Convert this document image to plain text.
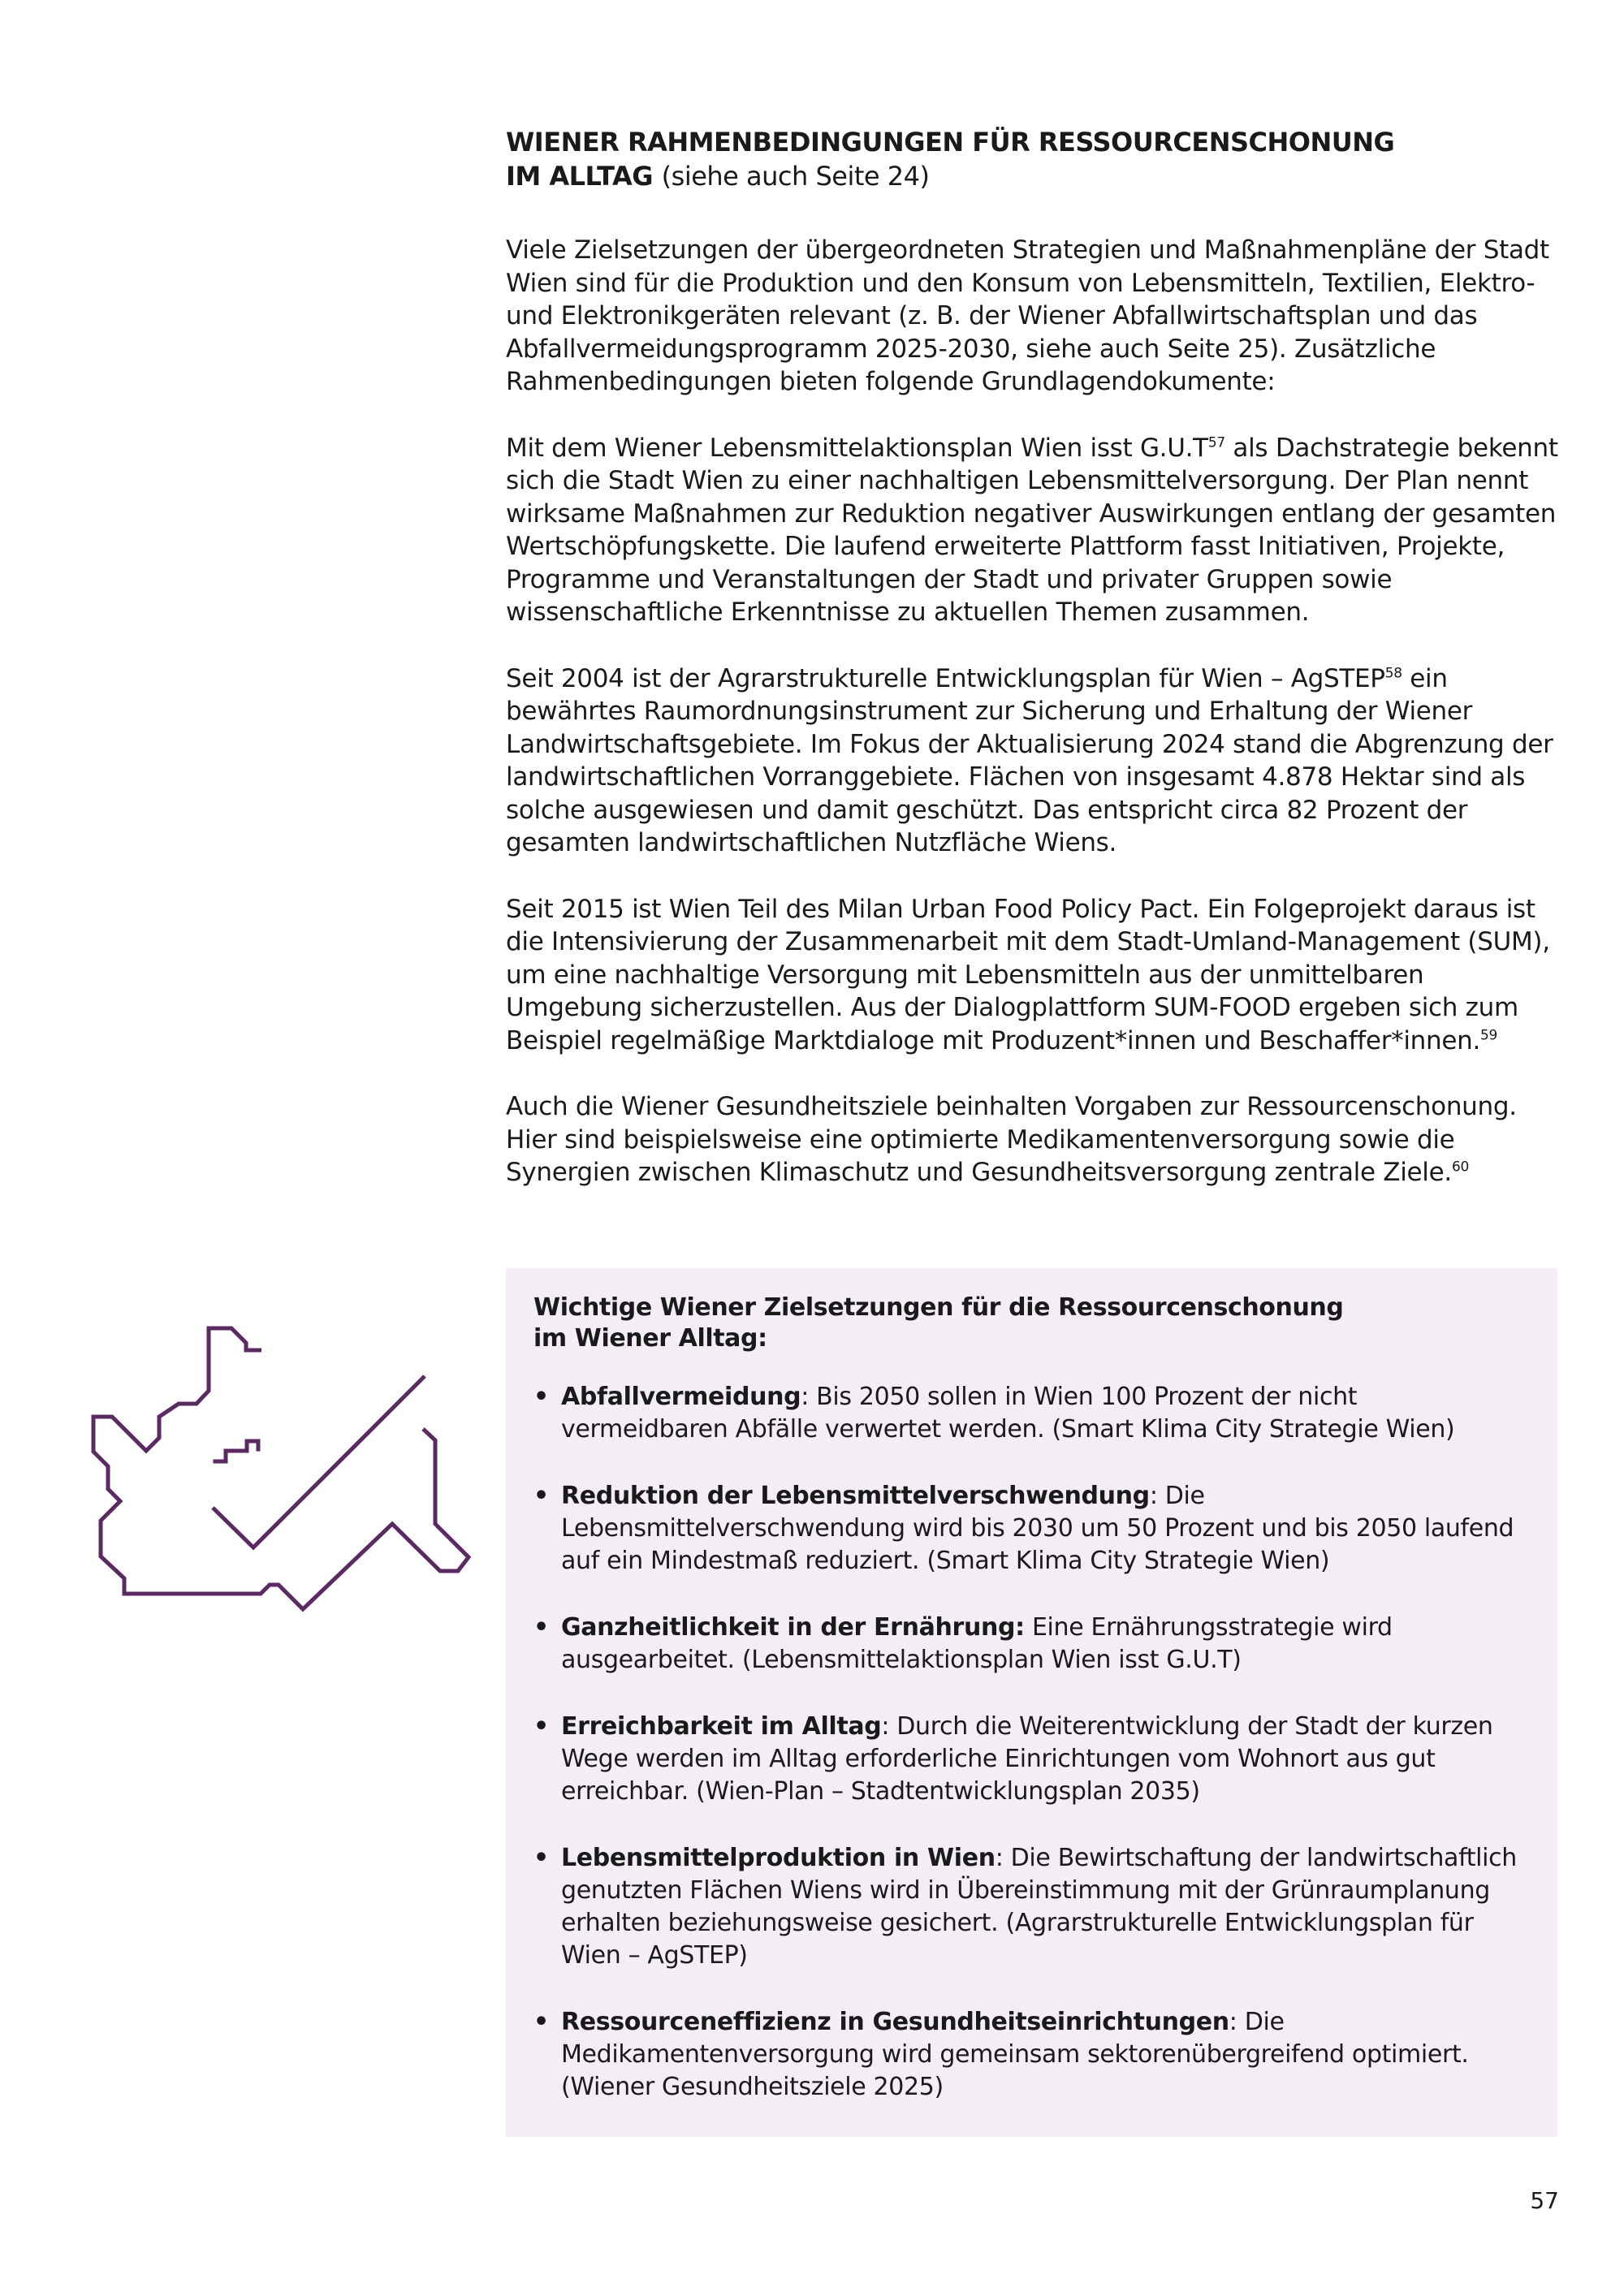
WIENER RAHMENBEDINGUNGEN FÜR RESSOURCENSCHONUNG
IM ALLTAG (siehe auch Seite 24)

Viele Zielsetzungen der übergeordneten Strategien und Maßnahmenpläne der Stadt Wien sind für die Produktion und den Konsum von Lebensmitteln, Textilien, Elektro- und Elektronikgeräten relevant (z. B. der Wiener Abfallwirtschaftsplan und das Abfallvermeidungsprogramm 2025-2030, siehe auch Seite 25). Zusätzliche Rahmenbedingungen bieten folgende Grundlagendokumente:

Mit dem Wiener Lebensmittelaktionsplan Wien isst $G.U.T^{57}$ als Dachstrategie bekennt sich die Stadt Wien zu einer nachhaltigen Lebensmittelversorgung. Der Plan nennt wirksame Maßnahmen zur Reduktion negativer Auswirkungen entlang der gesamten Wertschöpfungskette. Die laufend erweiterte Plattform fasst Initiativen, Projekte, Programme und Veranstaltungen der Stadt und privater Gruppen sowie wissenschaftliche Erkenntnisse zu aktuellen Themen zusammen.

Seit 2004 ist der Agrarstrukturelle Entwicklungsplan für Wien – AgSTEP$^{58}$ ein bewährtes Raumordnungsinstrument zur Sicherung und Erhaltung der Wiener Landwirtschaftsgebiete. Im Fokus der Aktualisierung 2024 stand die Abgrenzung der landwirtschaftlichen Vorranggebiete. Flächen von insgesamt 4.878 Hektar sind als solche ausgewiesen und damit geschützt. Das entspricht circa 82 Prozent der gesamten landwirtschaftlichen Nutzfläche Wiens.

Seit 2015 ist Wien Teil des Milan Urban Food Policy Pact. Ein Folgeprojekt daraus ist die Intensivierung der Zusammenarbeit mit dem Stadt-Umland-Management (SUM), um eine nachhaltige Versorgung mit Lebensmitteln aus der unmittelbaren Umgebung sicherzustellen. Aus der Dialogplattform SUM-FOOD ergeben sich zum Beispiel regelmäßige Marktdialoge mit Produzent*innen und Beschaffer*innen.$^{59}$

Auch die Wiener Gesundheitsziele beinhalten Vorgaben zur Ressourcenschonung. Hier sind beispielsweise eine optimierte Medikamentenversorgung sowie die Synergien zwischen Klimaschutz und Gesundheitsversorgung zentrale Ziele.$^{60}$

Wichtige Wiener Zielsetzungen für die Ressourcenschonung
im Wiener Alltag:
• Abfallvermeidung: Bis 2050 sollen in Wien 100 Prozent der nicht vermeidbaren Abfälle verwertet werden. (Smart Klima City Strategie Wien)
• Reduktion der Lebensmittelverschwendung: Die Lebensmittelverschwendung wird bis 2030 um 50 Prozent und bis 2050 laufend auf ein Mindestmaß reduziert. (Smart Klima City Strategie Wien)
• Ganzheitlichkeit in der Ernährung: Eine Ernährungsstrategie wird ausgearbeitet. (Lebensmittelaktionsplan Wien isst G.U.T)
• Erreichbarkeit im Alltag: Durch die Weiterentwicklung der Stadt der kurzen Wege werden im Alltag erforderliche Einrichtungen vom Wohnort aus gut erreichbar. (Wien-Plan – Stadtentwicklungsplan 2035)
• Lebensmittelproduktion in Wien: Die Bewirtschaftung der landwirtschaftlich genutzten Flächen Wiens wird in Übereinstimmung mit der Grünraumplanung erhalten beziehungsweise gesichert. (Agrarstrukturelle Entwicklungsplan für Wien – AgSTEP)
• Ressourceneffizienz in Gesundheitseinrichtungen: Die Medikamentenversorgung wird gemeinsam sektorenübergreifend optimiert. (Wiener Gesundheitsziele 2025)
57
